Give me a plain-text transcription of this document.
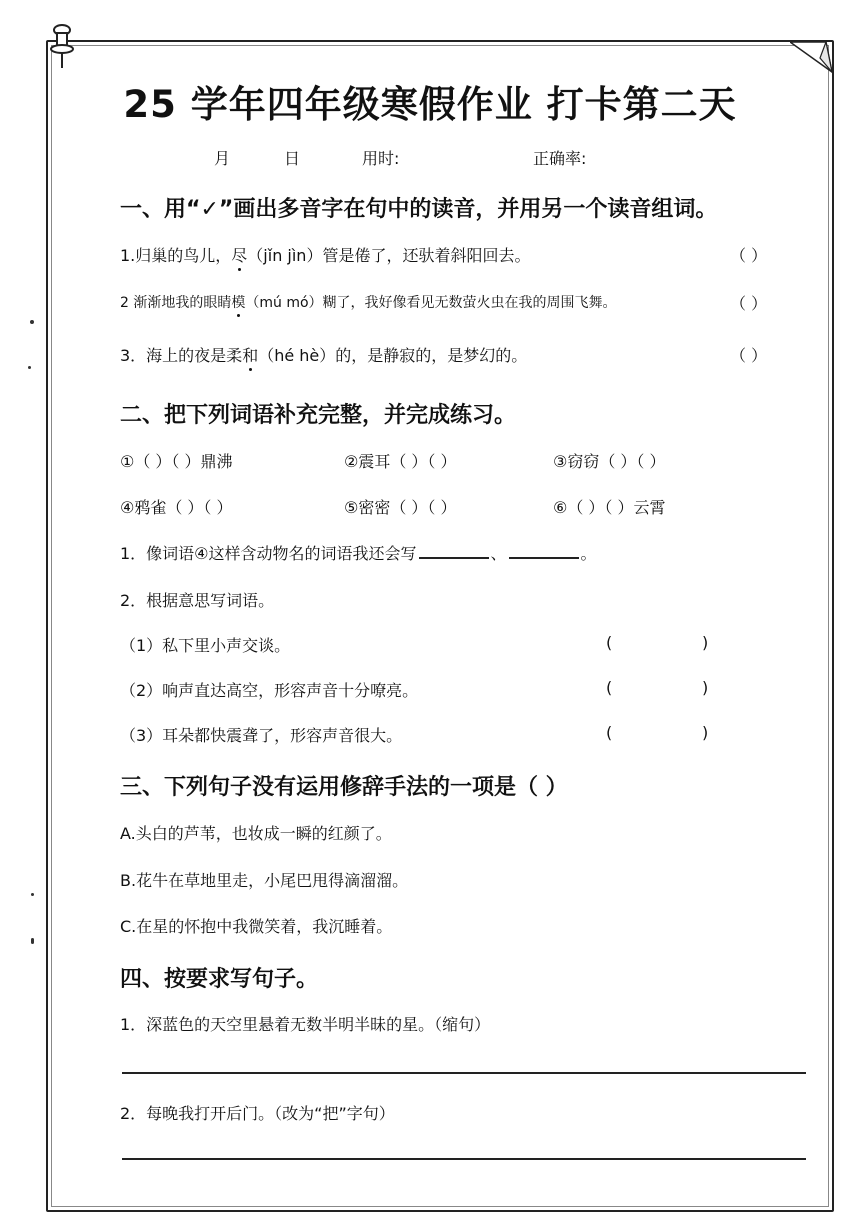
25 学年四年级寒假作业 打卡第二天
月	日	用时:	正确率:
一、用“✓”画出多音字在句中的读音，并用另一个读音组词。
1.归巢的鸟儿，尽（jǐn jìn）管是倦了，还驮着斜阳回去。	（ ）
2 渐渐地我的眼睛模（mú mó）糊了，我好像看见无数萤火虫在我的周围飞舞。	（ ）
3．海上的夜是柔和（hé hè）的，是静寂的，是梦幻的。	（ ）
二、把下列词语补充完整，并完成练习。
①（ ）（ ）鼎沸	②震耳（ ）（ ）	③窃窃（ ）（ ）
④鸦雀（ ）（ ）	⑤密密（ ）（ ）	⑥（ ）（ ）云霄
1．像词语④这样含动物名的词语我还会写	、	。
2．根据意思写词语。
（1）私下里小声交谈。	(	)
（2）响声直达高空，形容声音十分嘹亮。	(	)
（3）耳朵都快震聋了，形容声音很大。	(	)
三、下列句子没有运用修辞手法的一项是（ ）
A.头白的芦苇，也妆成一瞬的红颜了。
B.花牛在草地里走，小尾巴甩得滴溜溜。
C.在星的怀抱中我微笑着，我沉睡着。
四、按要求写句子。
1．深蓝色的天空里悬着无数半明半昧的星。（缩句）
2．每晚我打开后门。（改为“把”字句）
